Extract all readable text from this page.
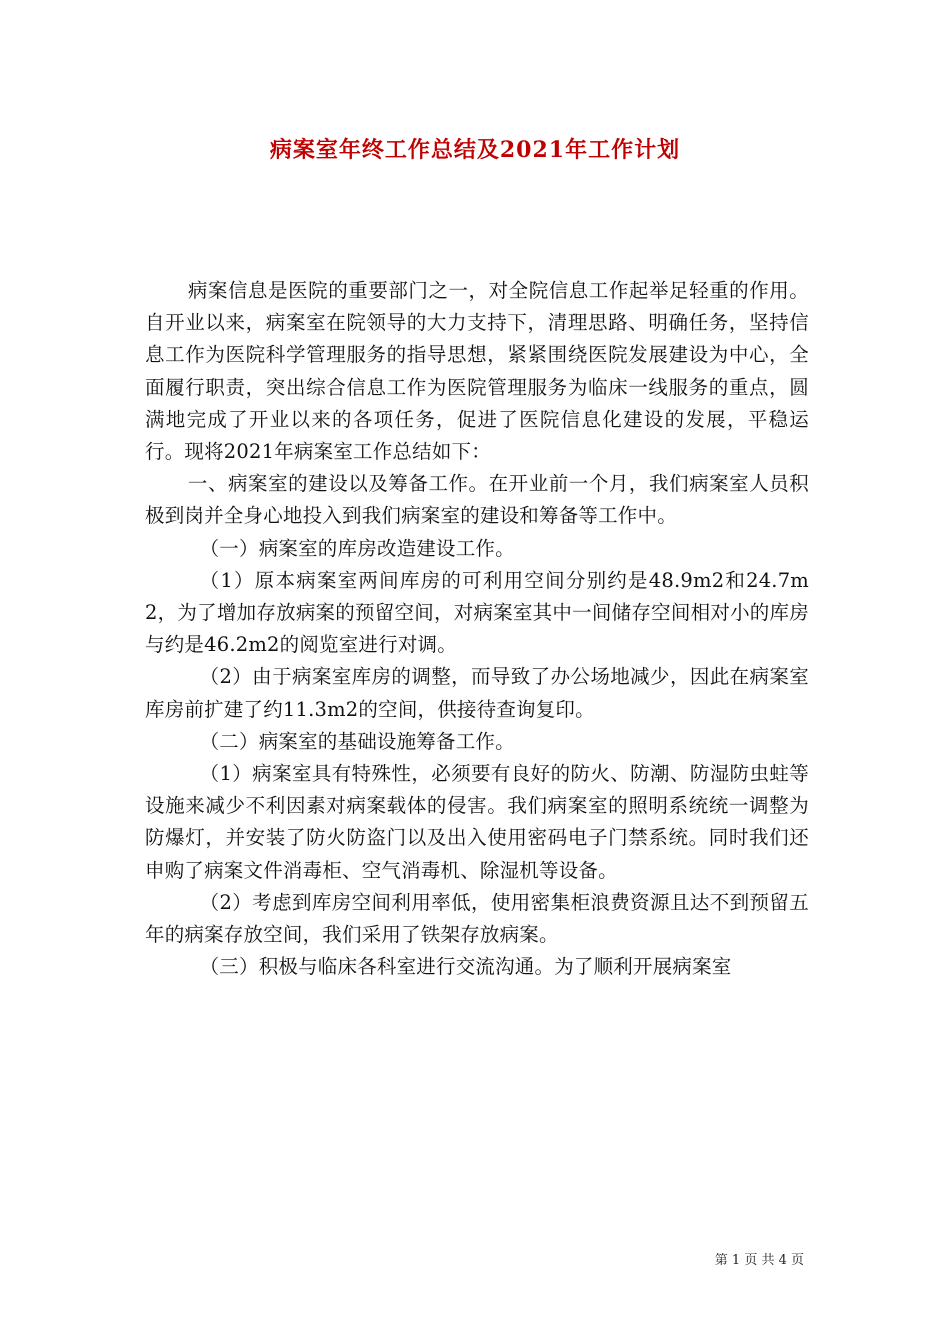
病案室年终工作总结及2021年工作计划

病案信息是医院的重要部门之一，对全院信息工作起举足轻重的作用。自开业以来，病案室在院领导的大力支持下，清理思路、明确任务，坚持信息工作为医院科学管理服务的指导思想，紧紧围绕医院发展建设为中心，全面履行职责，突出综合信息工作为医院管理服务为临床一线服务的重点，圆满地完成了开业以来的各项任务，促进了医院信息化建设的发展，平稳运行。现将2021年病案室工作总结如下：

一、病案室的建设以及筹备工作。在开业前一个月，我们病案室人员积极到岗并全身心地投入到我们病案室的建设和筹备等工作中。

（一）病案室的库房改造建设工作。

（1）原本病案室两间库房的可利用空间分别约是48.9m2和24.7m2，为了增加存放病案的预留空间，对病案室其中一间储存空间相对小的库房与约是46.2m2的阅览室进行对调。

（2）由于病案室库房的调整，而导致了办公场地减少，因此在病案室库房前扩建了约11.3m2的空间，供接待查询复印。

（二）病案室的基础设施筹备工作。

（1）病案室具有特殊性，必须要有良好的防火、防潮、防湿防虫蛀等设施来减少不利因素对病案载体的侵害。我们病案室的照明系统统一调整为防爆灯，并安装了防火防盗门以及出入使用密码电子门禁系统。同时我们还申购了病案文件消毒柜、空气消毒机、除湿机等设备。

（2）考虑到库房空间利用率低，使用密集柜浪费资源且达不到预留五年的病案存放空间，我们采用了铁架存放病案。

（三）积极与临床各科室进行交流沟通。为了顺利开展病案室

第 1 页 共 4 页
